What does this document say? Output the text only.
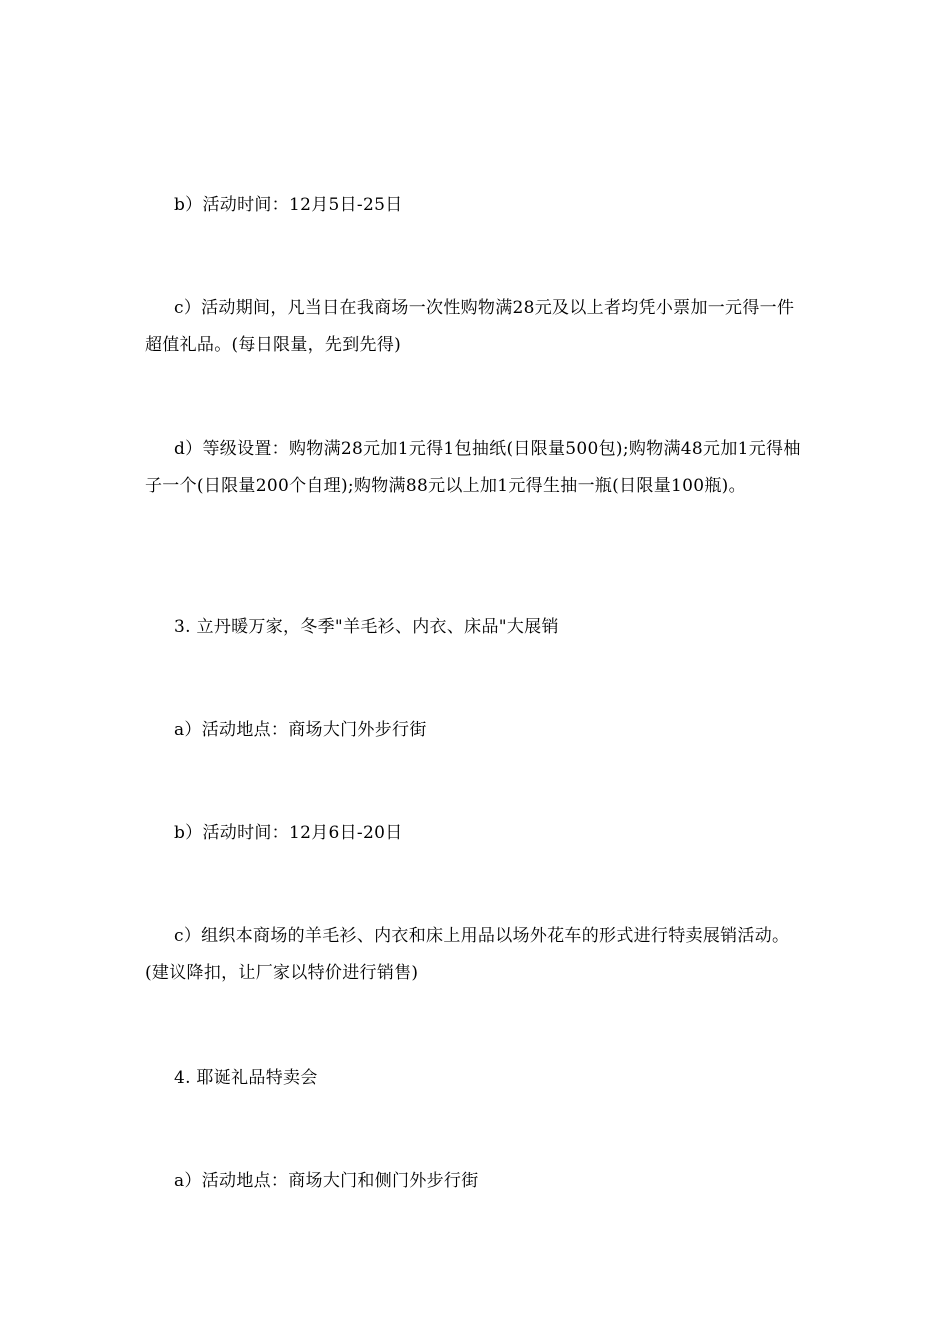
b）活动时间：12月5日-25日

c）活动期间，凡当日在我商场一次性购物满28元及以上者均凭小票加一元得一件超值礼品。(每日限量，先到先得)

d）等级设置：购物满28元加1元得1包抽纸(日限量500包);购物满48元加1元得柚子一个(日限量200个自理);购物满88元以上加1元得生抽一瓶(日限量100瓶)。

3. 立丹暖万家，冬季"羊毛衫、内衣、床品"大展销

a）活动地点：商场大门外步行街

b）活动时间：12月6日-20日

c）组织本商场的羊毛衫、内衣和床上用品以场外花车的形式进行特卖展销活动。(建议降扣，让厂家以特价进行销售)

4. 耶诞礼品特卖会

a）活动地点：商场大门和侧门外步行街
